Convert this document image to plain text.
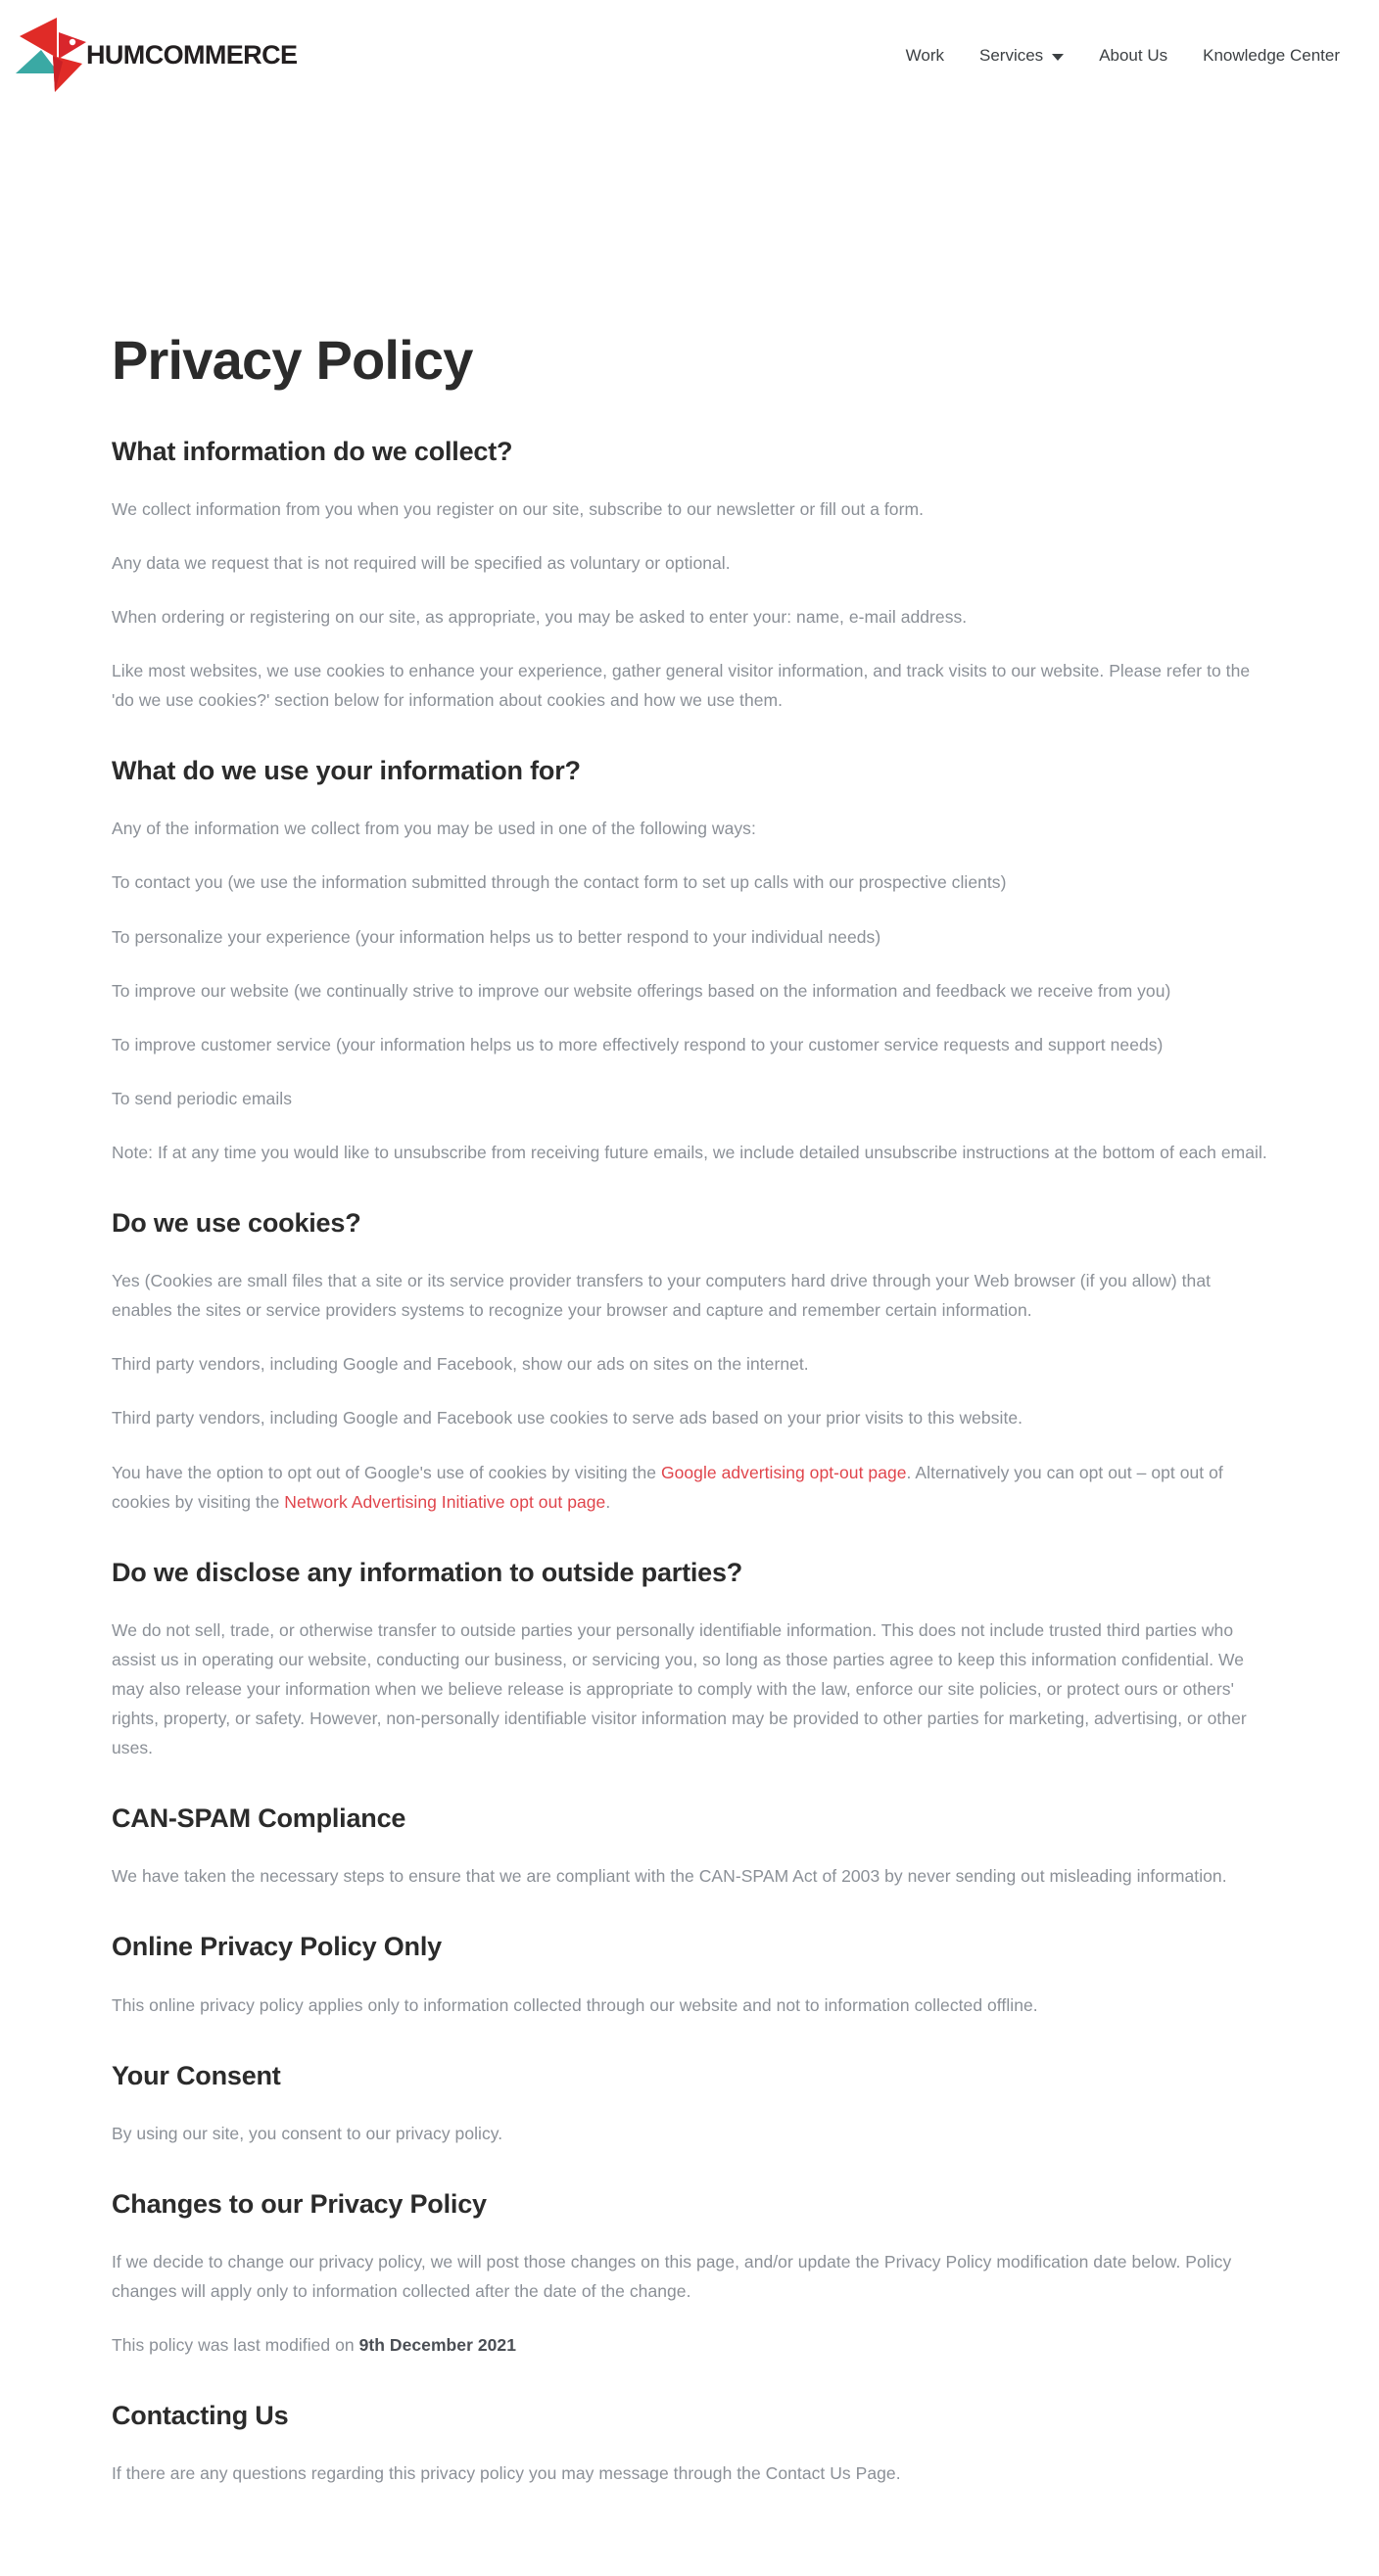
HUMCOMMERCE	Work Services	About Us Knowledge Center
Privacy Policy
What information do we collect?

We collect information from you when you register on our site, subscribe to our newsletter or fill out a form.

Any data we request that is not required will be specified as voluntary or optional.

When ordering or registering on our site, as appropriate, you may be asked to enter your: name, e-mail address.

Like most websites, we use cookies to enhance your experience, gather general visitor information, and track visits to our website. Please refer to the 'do we use cookies?' section below for information about cookies and how we use them.

What do we use your information for?

Any of the information we collect from you may be used in one of the following ways:

To contact you (we use the information submitted through the contact form to set up calls with our prospective clients)

To personalize your experience (your information helps us to better respond to your individual needs)

To improve our website (we continually strive to improve our website offerings based on the information and feedback we receive from you)

To improve customer service (your information helps us to more effectively respond to your customer service requests and support needs)

To send periodic emails

Note: If at any time you would like to unsubscribe from receiving future emails, we include detailed unsubscribe instructions at the bottom of each email.

Do we use cookies?

Yes (Cookies are small files that a site or its service provider transfers to your computers hard drive through your Web browser (if you allow) that enables the sites or service providers systems to recognize your browser and capture and remember certain information.

Third party vendors, including Google and Facebook, show our ads on sites on the internet.

Third party vendors, including Google and Facebook use cookies to serve ads based on your prior visits to this website.

You have the option to opt out of Google's use of cookies by visiting the Google advertising opt-out page. Alternatively you can opt out – opt out of cookies by visiting the Network Advertising Initiative opt out page.

Do we disclose any information to outside parties?

We do not sell, trade, or otherwise transfer to outside parties your personally identifiable information. This does not include trusted third parties who assist us in operating our website, conducting our business, or servicing you, so long as those parties agree to keep this information confidential. We may also release your information when we believe release is appropriate to comply with the law, enforce our site policies, or protect ours or others' rights, property, or safety. However, non-personally identifiable visitor information may be provided to other parties for marketing, advertising, or other uses.

CAN-SPAM Compliance

We have taken the necessary steps to ensure that we are compliant with the CAN-SPAM Act of 2003 by never sending out misleading information.

Online Privacy Policy Only

This online privacy policy applies only to information collected through our website and not to information collected offline.

Your Consent

By using our site, you consent to our privacy policy.

Changes to our Privacy Policy

If we decide to change our privacy policy, we will post those changes on this page, and/or update the Privacy Policy modification date below. Policy changes will apply only to information collected after the date of the change.

This policy was last modified on 9th December 2021

Contacting Us

If there are any questions regarding this privacy policy you may message through the Contact Us Page.
